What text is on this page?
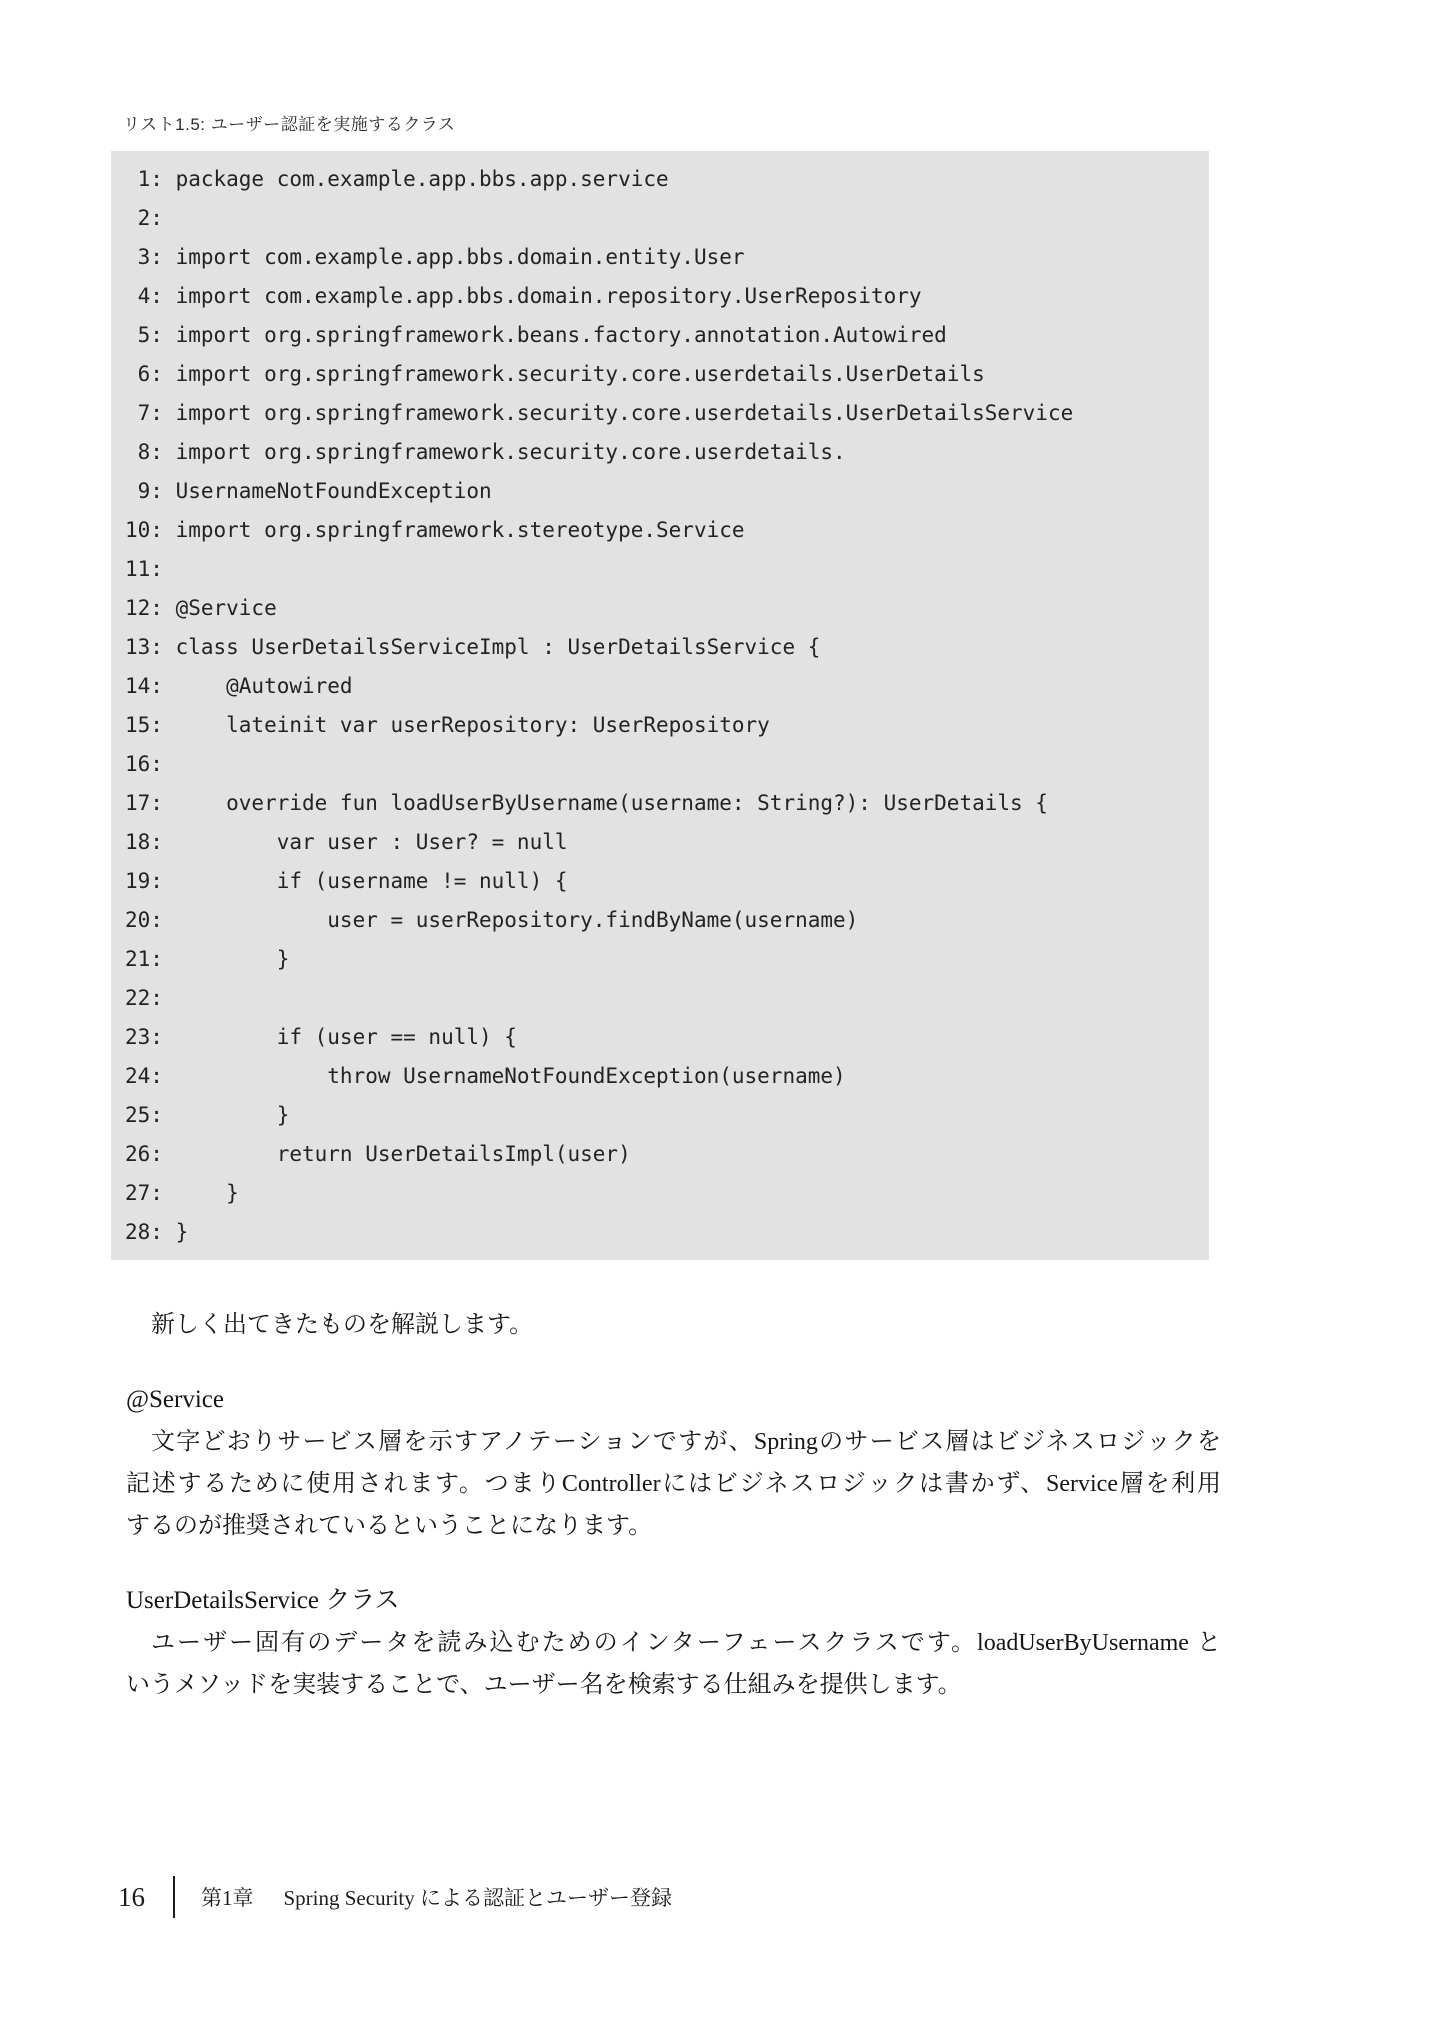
リスト1.5: ユーザー認証を実施するクラス
1: package com.example.app.bbs.app.service
2:
3: import com.example.app.bbs.domain.entity.User
4: import com.example.app.bbs.domain.repository.UserRepository
5: import org.springframework.beans.factory.annotation.Autowired
6: import org.springframework.security.core.userdetails.UserDetails
7: import org.springframework.security.core.userdetails.UserDetailsService
8: import org.springframework.security.core.userdetails.
9: UsernameNotFoundException
10: import org.springframework.stereotype.Service
11:
12: @Service
13: class UserDetailsServiceImpl : UserDetailsService {
14:     @Autowired
15:     lateinit var userRepository: UserRepository
16:
17:     override fun loadUserByUsername(username: String?): UserDetails {
18:         var user : User? = null
19:         if (username != null) {
20:             user = userRepository.findByName(username)
21:         }
22:
23:         if (user == null) {
24:             throw UsernameNotFoundException(username)
25:         }
26:         return UserDetailsImpl(user)
27:     }
28: }
新しく出てきたものを解説します。
@Service
文字どおりサービス層を示すアノテーションですが、Springのサービス層はビジネスロジックを
記述するために使用されます。つまりControllerにはビジネスロジックは書かず、Service層を利用
するのが推奨されているということになります。
UserDetailsService クラス
ユーザー固有のデータを読み込むためのインターフェースクラスです。loadUserByUsername と
いうメソッドを実装することで、ユーザー名を検索する仕組みを提供します。
16	第1章 Spring Security による認証とユーザー登録
